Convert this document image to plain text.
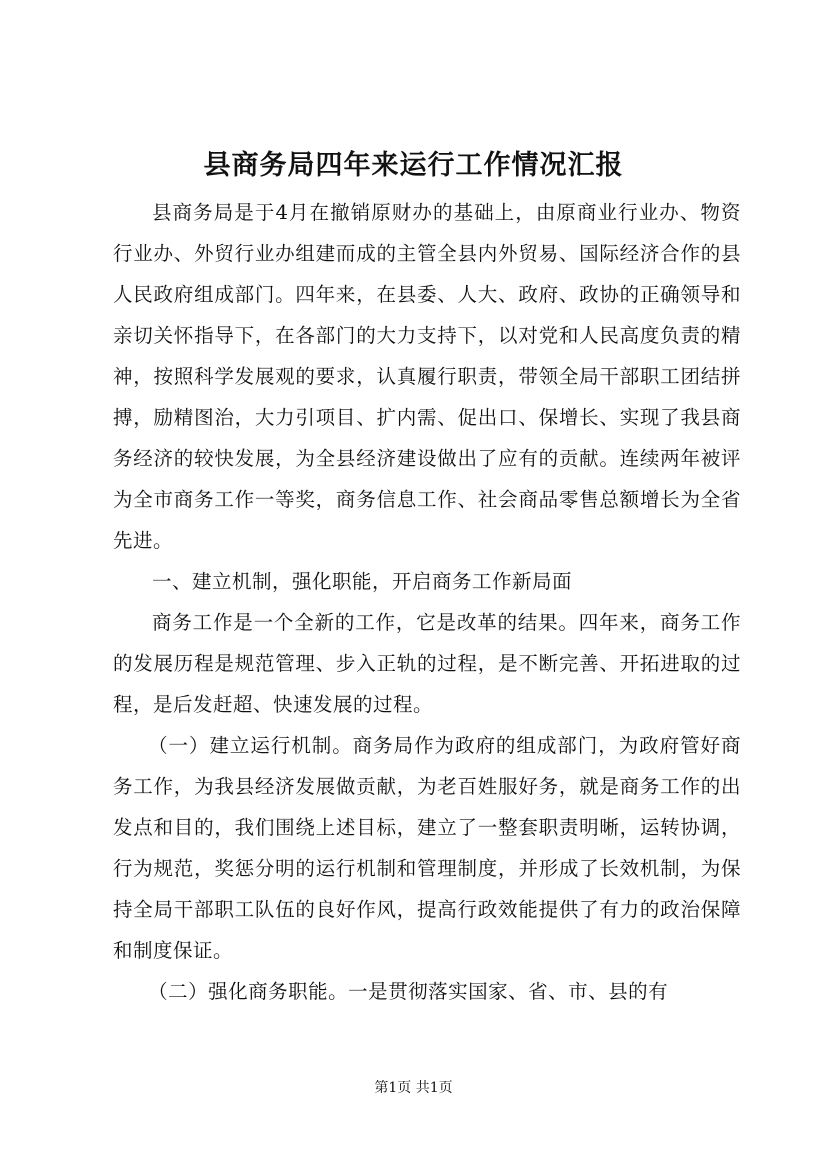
县商务局四年来运行工作情况汇报

县商务局是于4月在撤销原财办的基础上，由原商业行业办、物资行业办、外贸行业办组建而成的主管全县内外贸易、国际经济合作的县人民政府组成部门。四年来，在县委、人大、政府、政协的正确领导和亲切关怀指导下，在各部门的大力支持下，以对党和人民高度负责的精神，按照科学发展观的要求，认真履行职责，带领全局干部职工团结拼搏，励精图治，大力引项目、扩内需、促出口、保增长、实现了我县商务经济的较快发展，为全县经济建设做出了应有的贡献。连续两年被评为全市商务工作一等奖，商务信息工作、社会商品零售总额增长为全省先进。

一、建立机制，强化职能，开启商务工作新局面

商务工作是一个全新的工作，它是改革的结果。四年来，商务工作的发展历程是规范管理、步入正轨的过程，是不断完善、开拓进取的过程，是后发赶超、快速发展的过程。

（一）建立运行机制。商务局作为政府的组成部门，为政府管好商务工作，为我县经济发展做贡献，为老百姓服好务，就是商务工作的出发点和目的，我们围绕上述目标，建立了一整套职责明晰，运转协调，行为规范，奖惩分明的运行机制和管理制度，并形成了长效机制，为保持全局干部职工队伍的良好作风，提高行政效能提供了有力的政治保障和制度保证。

（二）强化商务职能。一是贯彻落实国家、省、市、县的有

第1页 共1页
